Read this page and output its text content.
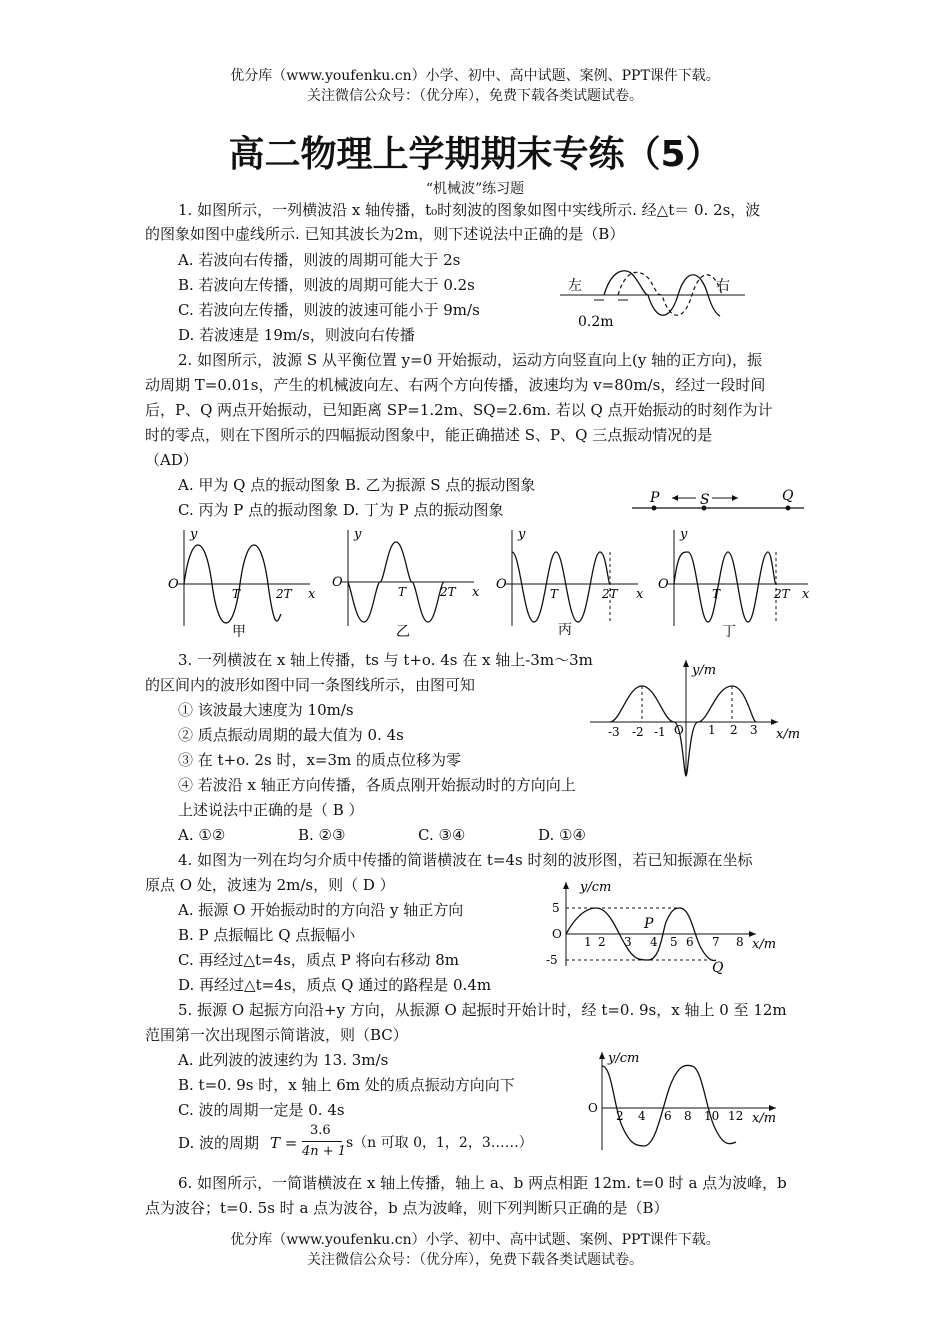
优分库（www.youfenku.cn）小学、初中、高中试题、案例、PPT课件下载。
关注微信公众号：（优分库），免费下载各类试题试卷。
高二物理上学期期末专练（5）
“机械波”练习题
1. 如图所示，一列横波沿 x 轴传播，t₀时刻波的图象如图中实线所示. 经△t＝ 0. 2s，波
的图象如图中虚线所示. 已知其波长为2m，则下述说法中正确的是（B）
A. 若波向右传播，则波的周期可能大于 2s
B. 若波向左传播，则波的周期可能大于 0.2s
C. 若波向左传播，则波的波速可能小于 9m/s
D. 若波速是 19m/s，则波向右传播
左	右
0.2m
2. 如图所示，波源 S 从平衡位置 y=0 开始振动，运动方向竖直向上(y 轴的正方向)，振
动周期 T=0.01s，产生的机械波向左、右两个方向传播，波速均为 v=80m/s，经过一段时间
后，P、Q 两点开始振动，已知距离 SP=1.2m、SQ=2.6m. 若以 Q 点开始振动的时刻作为计
时的零点，则在下图所示的四幅振动图象中，能正确描述 S、P、Q 三点振动情况的是
（AD）
A. 甲为 Q 点的振动图象 B. 乙为振源 S 点的振动图象
C. 丙为 P 点的振动图象 D. 丁为 P 点的振动图象
P	S	Q
y
O
T	2T x
甲
y
O
T	2T x
乙
y
O
T	2T x
丙
y
O
T	2T x
丁
3. 一列横波在 x 轴上传播，ts 与 t+o. 4s 在 x 轴上-3m～3m
的区间内的波形如图中同一条图线所示，由图可知
① 该波最大速度为 10m/s
② 质点振动周期的最大值为 0. 4s
③ 在 t+o. 2s 时，x=3m 的质点位移为零
④ 若波沿 x 轴正方向传播，各质点刚开始振动时的方向向上
上述说法中正确的是（ B ）
A. ①②	B. ②③	C. ③④	D. ①④
y/m
x/m
O
-3 -2 -1	1 2 3
4. 如图为一列在均匀介质中传播的简谐横波在 t=4s 时刻的波形图，若已知振源在坐标
原点 O 处，波速为 2m/s，则（ D ）
A. 振源 O 开始振动时的方向沿 y 轴正方向
B. P 点振幅比 Q 点振幅小
C. 再经过△t=4s，质点 P 将向右移动 8m
D. 再经过△t=4s，质点 Q 通过的路程是 0.4m
y/cm
x/m
5
-5
O
1 2 3 4 5 6 7 8
P
Q
5. 振源 O 起振方向沿+y 方向，从振源 O 起振时开始计时，经 t=0. 9s，x 轴上 0 至 12m
范围第一次出现图示简谐波，则（BC）
A. 此列波的波速约为 13. 3m/s
B. t=0. 9s 时，x 轴上 6m 处的质点振动方向向下
C. 波的周期一定是 0. 4s
D. 波的周期 T =
3.6
4n + 1
s（n 可取 0，1，2，3……）
y/cm
x/m
O
2 4 6 8 10 12
6. 如图所示，一简谐横波在 x 轴上传播，轴上 a、b 两点相距 12m. t=0 时 a 点为波峰，b
点为波谷；t=0. 5s 时 a 点为波谷，b 点为波峰，则下列判断只正确的是（B）
优分库（www.youfenku.cn）小学、初中、高中试题、案例、PPT课件下载。
关注微信公众号：（优分库），免费下载各类试题试卷。
